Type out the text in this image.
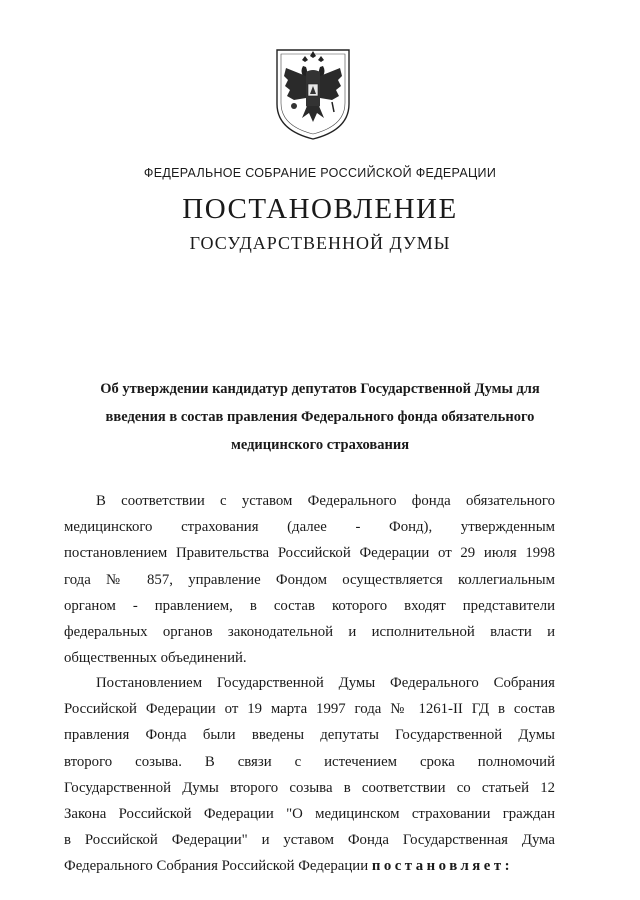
ФЕДЕРАЛЬНОЕ СОБРАНИЕ РОССИЙСКОЙ ФЕДЕРАЦИИ
ПОСТАНОВЛЕНИЕ
ГОСУДАРСТВЕННОЙ ДУМЫ
Об утверждении кандидатур депутатов Государственной Думы для
введения в состав правления Федерального фонда обязательного
медицинского страхования
В соответствии с уставом Федерального фонда обязательного
медицинского страхования (далее - Фонд), утвержденным
постановлением Правительства Российской Федерации от 29 июля 1998
года № 857, управление Фондом осуществляется коллегиальным
органом - правлением, в состав которого входят представители
федеральных органов законодательной и исполнительной власти и
общественных объединений.
Постановлением Государственной Думы Федерального Собрания
Российской Федерации от 19 марта 1997 года № 1261-II ГД в состав
правления Фонда были введены депутаты Государственной Думы
второго созыва. В связи с истечением срока полномочий
Государственной Думы второго созыва в соответствии со статьей 12
Закона Российской Федерации "О медицинском страховании граждан
в Российской Федерации" и уставом Фонда Государственная Дума
Федерального Собрания Российской Федерации постановляет:
